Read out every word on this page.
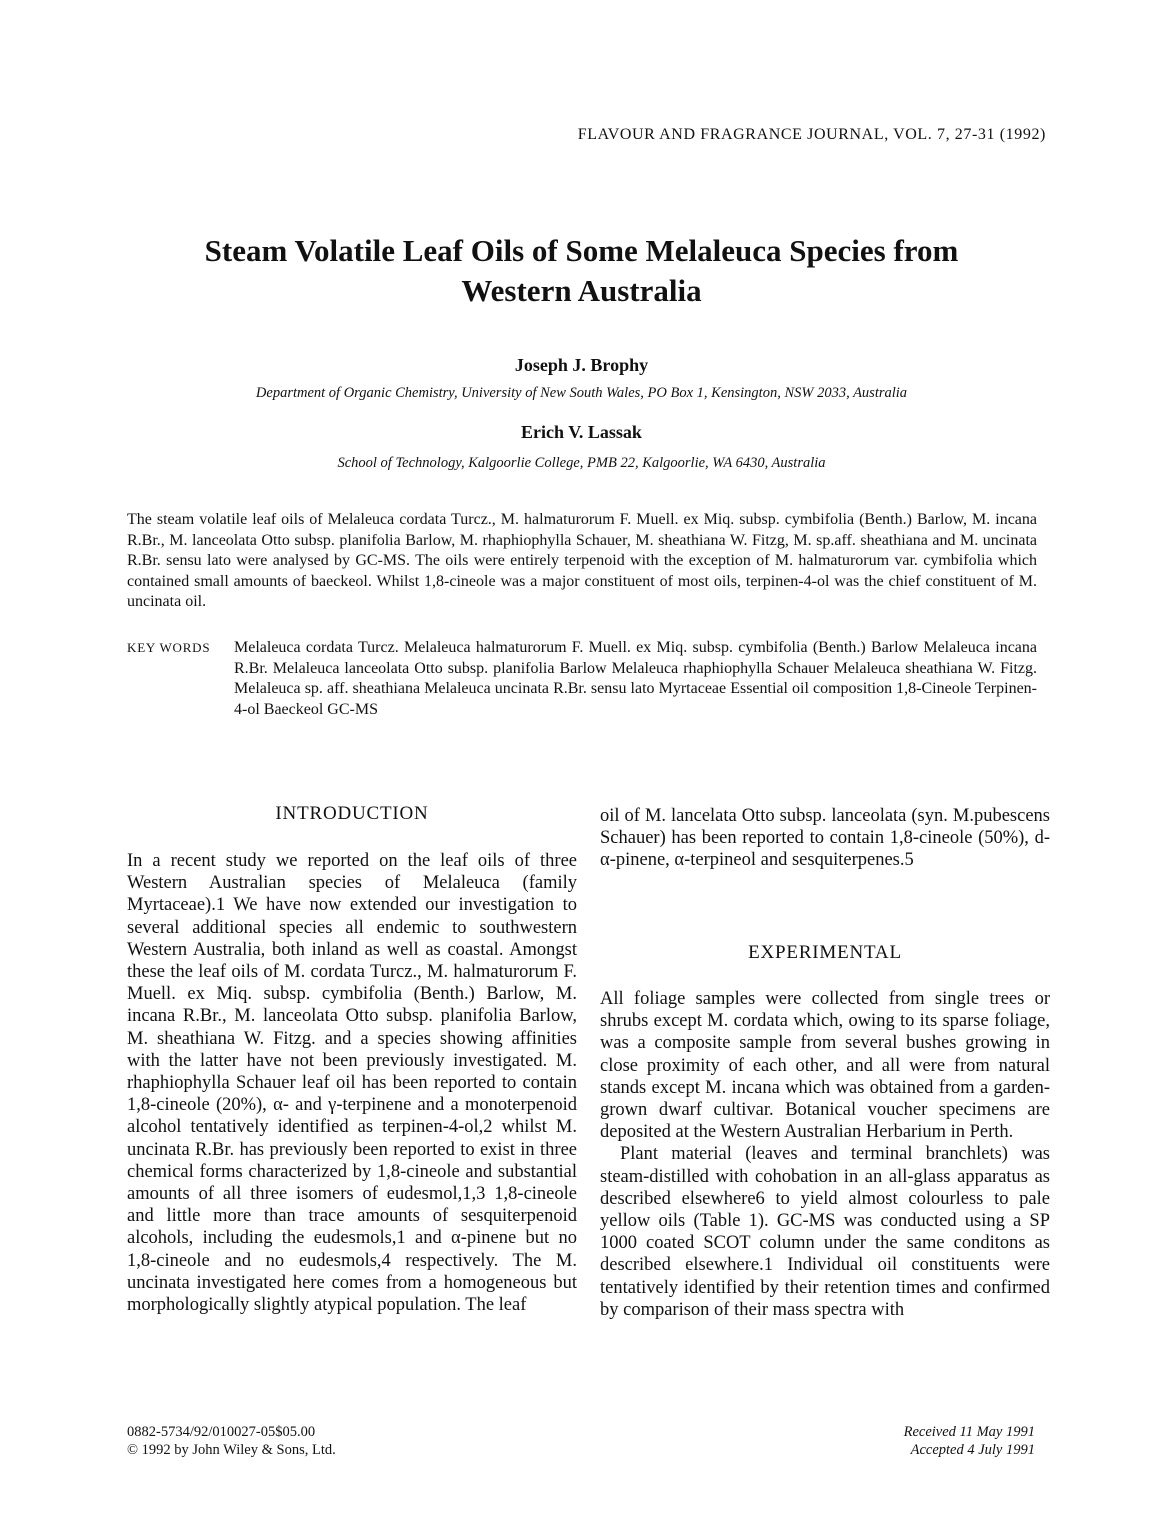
FLAVOUR AND FRAGRANCE JOURNAL, VOL. 7, 27-31 (1992)
Steam Volatile Leaf Oils of Some Melaleuca Species from
Western Australia
Joseph J. Brophy
Department of Organic Chemistry, University of New South Wales, PO Box 1, Kensington, NSW 2033, Australia
Erich V. Lassak
School of Technology, Kalgoorlie College, PMB 22, Kalgoorlie, WA 6430, Australia
The steam volatile leaf oils of Melaleuca cordata Turcz., M. halmaturorum F. Muell. ex Miq. subsp. cymbifolia (Benth.) Barlow, M. incana R.Br., M. lanceolata Otto subsp. planifolia Barlow, M. rhaphiophylla Schauer, M. sheathiana W. Fitzg, M. sp.aff. sheathiana and M. uncinata R.Br. sensu lato were analysed by GC-MS. The oils were entirely terpenoid with the exception of M. halmaturorum var. cymbifolia which contained small amounts of baeckeol. Whilst 1,8-cineole was a major constituent of most oils, terpinen-4-ol was the chief constituent of M. uncinata oil.
KEY WORDS Melaleuca cordata Turcz. Melaleuca halmaturorum F. Muell. ex Miq. subsp. cymbifolia (Benth.) Barlow Melaleuca incana R.Br. Melaleuca lanceolata Otto subsp. planifolia Barlow Melaleuca rhaphiophylla Schauer Melaleuca sheathiana W. Fitzg. Melaleuca sp. aff. sheathiana Melaleuca uncinata R.Br. sensu lato Myrtaceae Essential oil composition 1,8-Cineole Terpinen-4-ol Baeckeol GC-MS
INTRODUCTION

In a recent study we reported on the leaf oils of three Western Australian species of Melaleuca (family Myrtaceae).1 We have now extended our investigation to several additional species all endemic to southwestern Western Australia, both inland as well as coastal. Amongst these the leaf oils of M. cordata Turcz., M. halmaturorum F. Muell. ex Miq. subsp. cymbifolia (Benth.) Barlow, M. incana R.Br., M. lanceolata Otto subsp. planifolia Barlow, M. sheathiana W. Fitzg. and a species showing affinities with the latter have not been previously investigated. M. rhaphiophylla Schauer leaf oil has been reported to contain 1,8-cineole (20%), α- and γ-terpinene and a monoterpenoid alcohol tentatively identified as terpinen-4-ol,2 whilst M. uncinata R.Br. has previously been reported to exist in three chemical forms characterized by 1,8-cineole and substantial amounts of all three isomers of eudesmol,1,3 1,8-cineole and little more than trace amounts of sesquiterpenoid alcohols, including the eudesmols,1 and α-pinene but no 1,8-cineole and no eudesmols,4 respectively. The M. uncinata investigated here comes from a homogeneous but morphologically slightly atypical population. The leaf

oil of M. lancelata Otto subsp. lanceolata (syn. M.pubescens Schauer) has been reported to contain 1,8-cineole (50%), d-α-pinene, α-terpineol and sesquiterpenes.5

EXPERIMENTAL

All foliage samples were collected from single trees or shrubs except M. cordata which, owing to its sparse foliage, was a composite sample from several bushes growing in close proximity of each other, and all were from natural stands except M. incana which was obtained from a garden-grown dwarf cultivar. Botanical voucher specimens are deposited at the Western Australian Herbarium in Perth.

Plant material (leaves and terminal branchlets) was steam-distilled with cohobation in an all-glass apparatus as described elsewhere6 to yield almost colourless to pale yellow oils (Table 1). GC-MS was conducted using a SP 1000 coated SCOT column under the same conditons as described elsewhere.1 Individual oil constituents were tentatively identified by their retention times and confirmed by comparison of their mass spectra with

0882-5734/92/010027-05$05.00
© 1992 by John Wiley & Sons, Ltd.
Received 11 May 1991
Accepted 4 July 1991
